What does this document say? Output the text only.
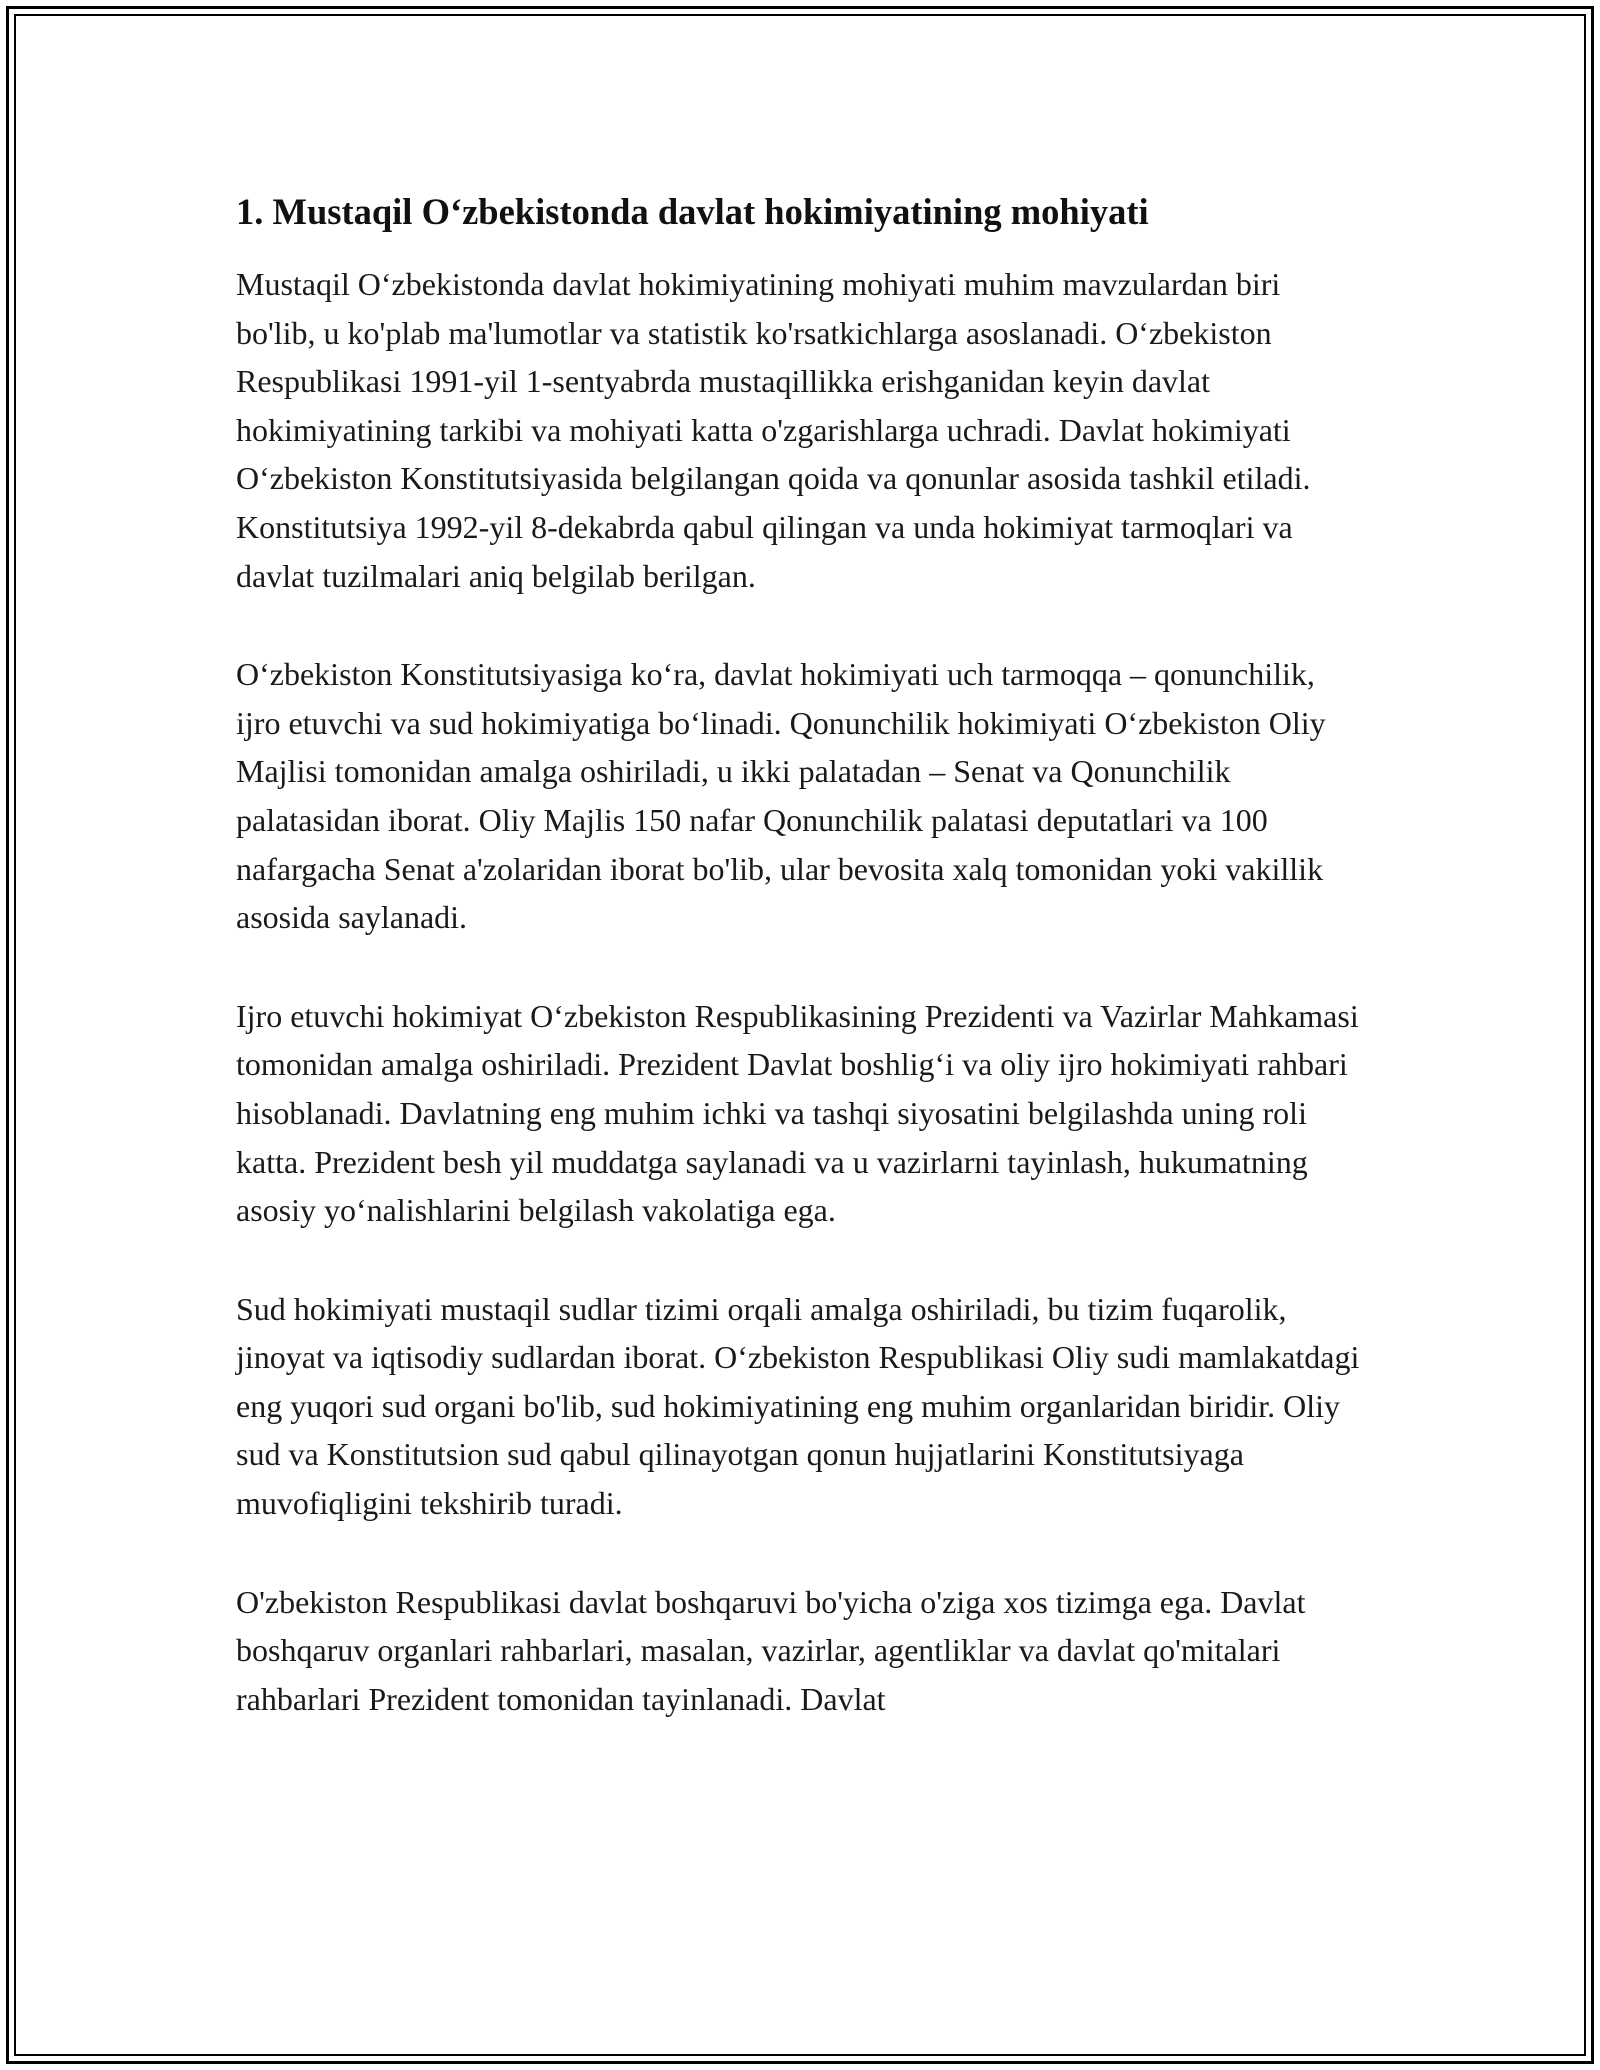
1. Mustaqil O‘zbekistonda davlat hokimiyatining mohiyati

Mustaqil O‘zbekistonda davlat hokimiyatining mohiyati muhim mavzulardan biri bo'lib, u ko'plab ma'lumotlar va statistik ko'rsatkichlarga asoslanadi. O‘zbekiston Respublikasi 1991-yil 1-sentyabrda mustaqillikka erishganidan keyin davlat hokimiyatining tarkibi va mohiyati katta o'zgarishlarga uchradi. Davlat hokimiyati O‘zbekiston Konstitutsiyasida belgilangan qoida va qonunlar asosida tashkil etiladi. Konstitutsiya 1992-yil 8-dekabrda qabul qilingan va unda hokimiyat tarmoqlari va davlat tuzilmalari aniq belgilab berilgan.

O‘zbekiston Konstitutsiyasiga ko‘ra, davlat hokimiyati uch tarmoqqa – qonunchilik, ijro etuvchi va sud hokimiyatiga bo‘linadi. Qonunchilik hokimiyati O‘zbekiston Oliy Majlisi tomonidan amalga oshiriladi, u ikki palatadan – Senat va Qonunchilik palatasidan iborat. Oliy Majlis 150 nafar Qonunchilik palatasi deputatlari va 100 nafargacha Senat a'zolaridan iborat bo'lib, ular bevosita xalq tomonidan yoki vakillik asosida saylanadi.

Ijro etuvchi hokimiyat O‘zbekiston Respublikasining Prezidenti va Vazirlar Mahkamasi tomonidan amalga oshiriladi. Prezident Davlat boshlig‘i va oliy ijro hokimiyati rahbari hisoblanadi. Davlatning eng muhim ichki va tashqi siyosatini belgilashda uning roli katta. Prezident besh yil muddatga saylanadi va u vazirlarni tayinlash, hukumatning asosiy yo‘nalishlarini belgilash vakolatiga ega.

Sud hokimiyati mustaqil sudlar tizimi orqali amalga oshiriladi, bu tizim fuqarolik, jinoyat va iqtisodiy sudlardan iborat. O‘zbekiston Respublikasi Oliy sudi mamlakatdagi eng yuqori sud organi bo'lib, sud hokimiyatining eng muhim organlaridan biridir. Oliy sud va Konstitutsion sud qabul qilinayotgan qonun hujjatlarini Konstitutsiyaga muvofiqligini tekshirib turadi.

O'zbekiston Respublikasi davlat boshqaruvi bo'yicha o'ziga xos tizimga ega. Davlat boshqaruv organlari rahbarlari, masalan, vazirlar, agentliklar va davlat qo'mitalari rahbarlari Prezident tomonidan tayinlanadi. Davlat
